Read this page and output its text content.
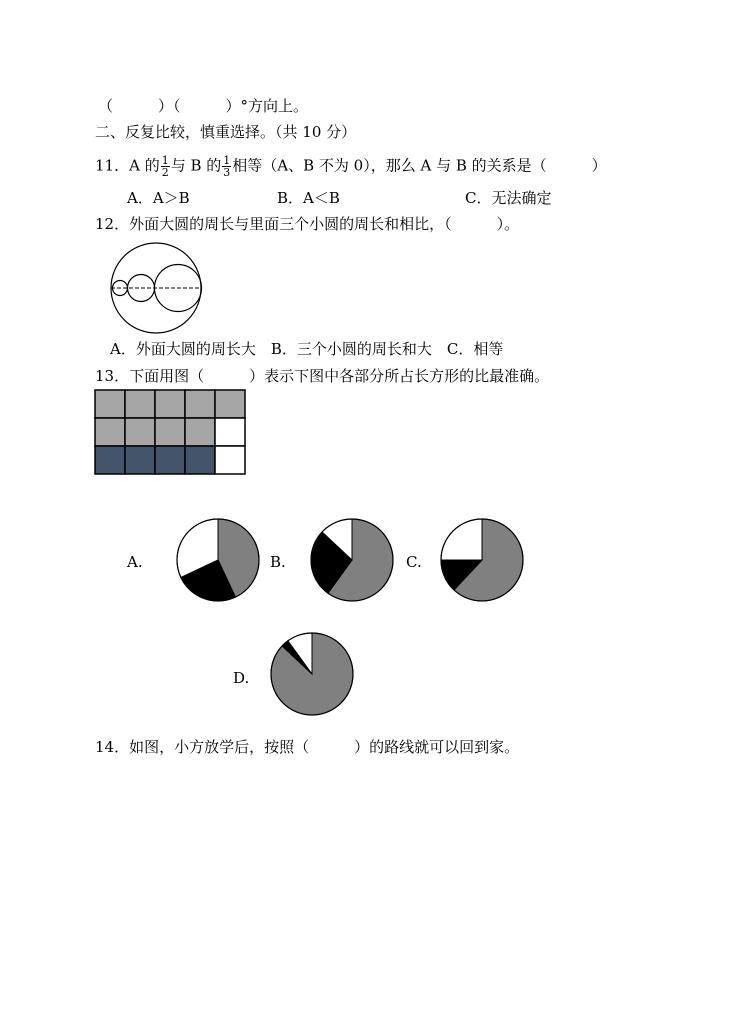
（　　　）（　　　）°方向上。
二、反复比较，慎重选择。（共 10 分）
11．A 的 $\frac{1}{2}$ 与 B 的 $\frac{1}{3}$ 相等（A、B 不为 0），那么 A 与 B 的关系是（　　　）
A．A＞B	B．A＜B	C．无法确定
12．外面大圆的周长与里面三个小圆的周长和相比，（　　　）。
A．外面大圆的周长大　B．三个小圆的周长和大　C．相等
13．下面用图（　　　）表示下图中各部分所占长方形的比最准确。
A.	B.	C.
D.
14．如图，小方放学后，按照（　　　）的路线就可以回到家。
